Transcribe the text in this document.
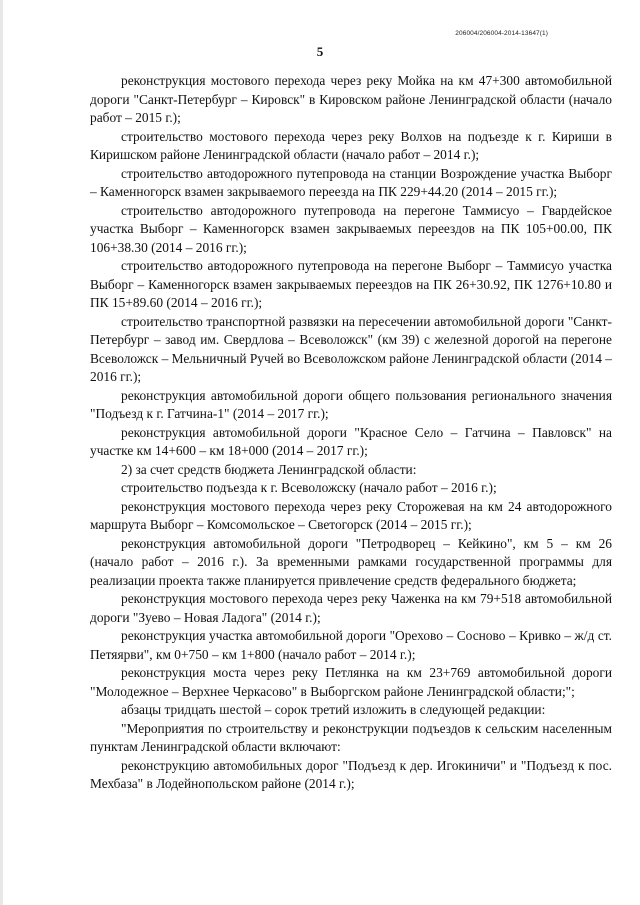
206004/206004-2014-13647(1)
5

реконструкция мостового перехода через реку Мойка на км 47+300 автомобильной дороги "Санкт-Петербург – Кировск" в Кировском районе Ленинградской области (начало работ – 2015 г.);

строительство мостового перехода через реку Волхов на подъезде к г. Кириши в Киришском районе Ленинградской области (начало работ – 2014 г.);

строительство автодорожного путепровода на станции Возрождение участка Выборг – Каменногорск взамен закрываемого переезда на ПК 229+44.20 (2014 – 2015 гг.);

строительство автодорожного путепровода на перегоне Таммисуо – Гвардейское участка Выборг – Каменногорск взамен закрываемых переездов на ПК 105+00.00, ПК 106+38.30 (2014 – 2016 гг.);

строительство автодорожного путепровода на перегоне Выборг – Таммисуо участка Выборг – Каменногорск взамен закрываемых переездов на ПК 26+30.92, ПК 1276+10.80 и ПК 15+89.60 (2014 – 2016 гг.);

строительство транспортной развязки на пересечении автомобильной дороги "Санкт-Петербург – завод им. Свердлова – Всеволожск" (км 39) с железной дорогой на перегоне Всеволожск – Мельничный Ручей во Всеволожском районе Ленинградской области (2014 – 2016 гг.);

реконструкция автомобильной дороги общего пользования регионального значения "Подъезд к г. Гатчина-1" (2014 – 2017 гг.);

реконструкция автомобильной дороги "Красное Село – Гатчина – Павловск" на участке км 14+600 – км 18+000 (2014 – 2017 гг.);

2) за счет средств бюджета Ленинградской области:

строительство подъезда к г. Всеволожску (начало работ – 2016 г.);

реконструкция мостового перехода через реку Сторожевая на км 24 автодорожного маршрута Выборг – Комсомольское – Светогорск (2014 – 2015 гг.);

реконструкция автомобильной дороги "Петродворец – Кейкино", км 5 – км 26 (начало работ – 2016 г.). За временными рамками государственной программы для реализации проекта также планируется привлечение средств федерального бюджета;

реконструкция мостового перехода через реку Чаженка на км 79+518 автомобильной дороги "Зуево – Новая Ладога" (2014 г.);

реконструкция участка автомобильной дороги "Орехово – Сосново – Кривко – ж/д ст. Петяярви", км 0+750 – км 1+800 (начало работ – 2014 г.);

реконструкция моста через реку Петлянка на км 23+769 автомобильной дороги "Молодежное – Верхнее Черкасово" в Выборгском районе Ленинградской области;";

абзацы тридцать шестой – сорок третий изложить в следующей редакции:

"Мероприятия по строительству и реконструкции подъездов к сельским населенным пунктам Ленинградской области включают:

реконструкцию автомобильных дорог "Подъезд к дер. Игокиничи" и "Подъезд к пос. Мехбаза" в Лодейнопольском районе (2014 г.);
